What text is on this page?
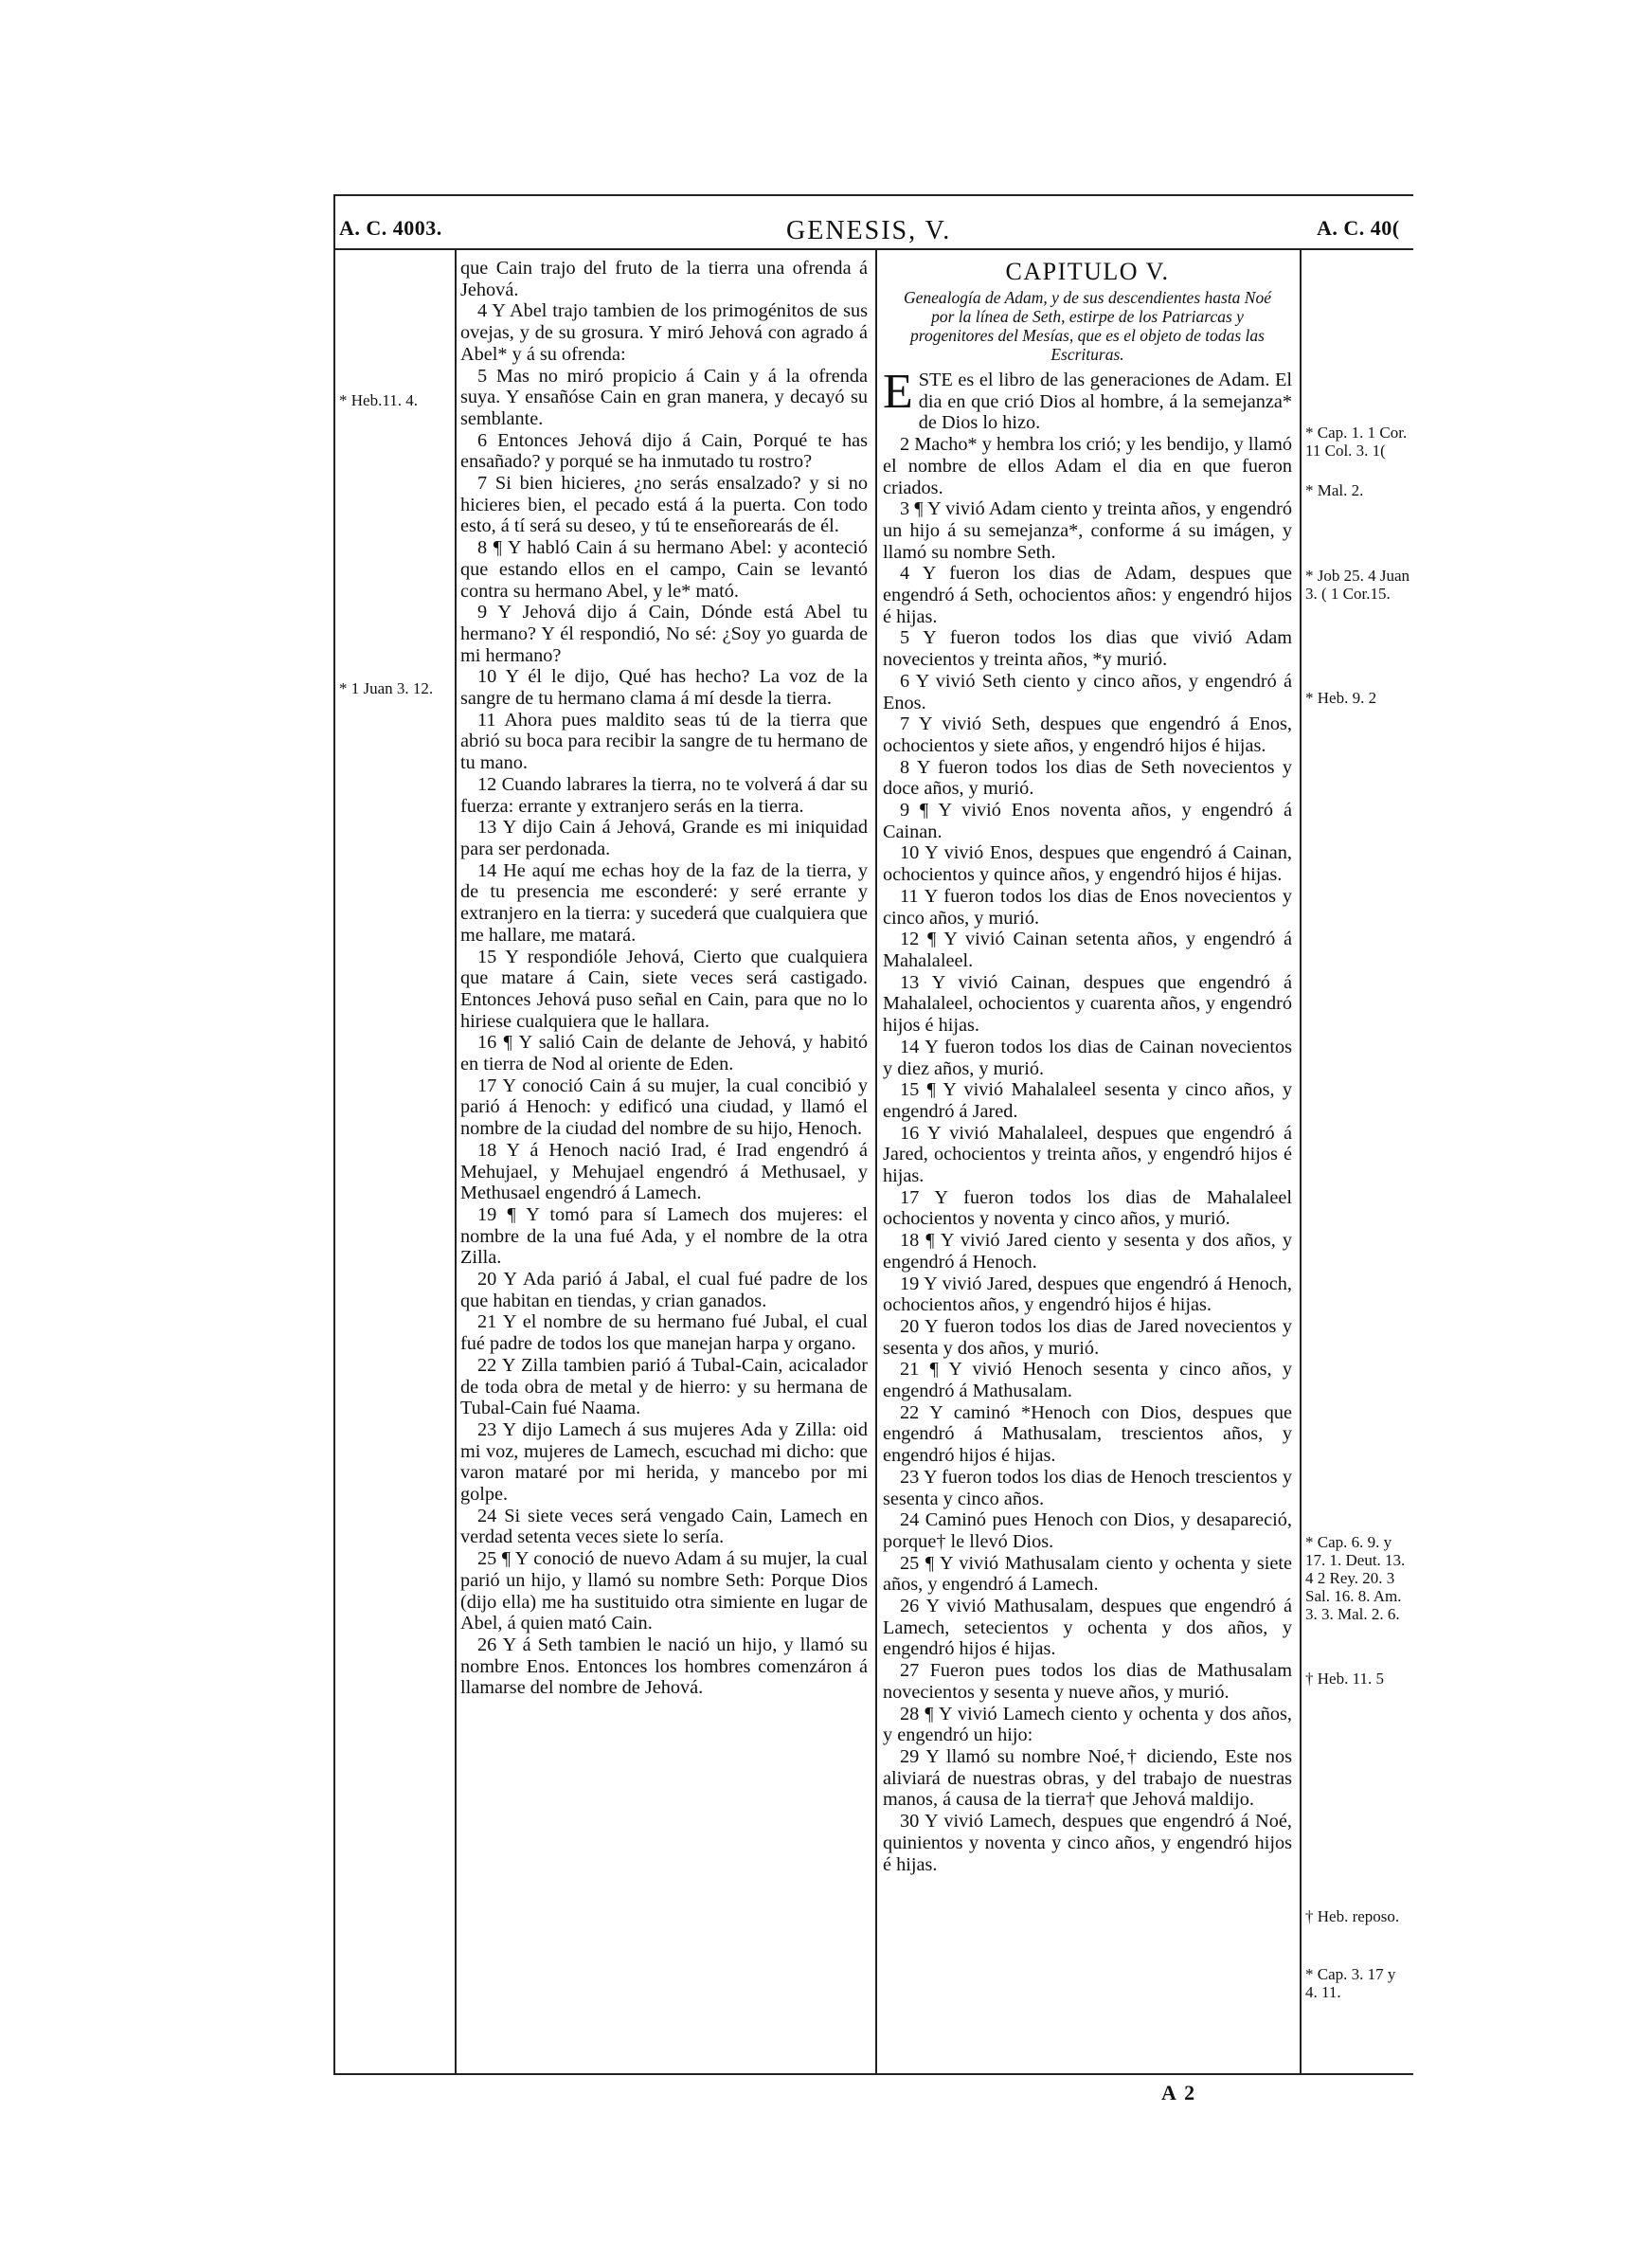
A. C. 4003.	GENESIS, V.	A. C. 40(
* Heb.11. 4.
* 1 Juan 3. 12.

que Cain trajo del fruto de la tierra una ofrenda á Jehová.

4 Y Abel trajo tambien de los primogénitos de sus ovejas, y de su grosura. Y miró Jehová con agrado á Abel* y á su ofrenda:

5 Mas no miró propicio á Cain y á la ofrenda suya. Y ensañóse Cain en gran manera, y decayó su semblante.

6 Entonces Jehová dijo á Cain, Porqué te has ensañado? y porqué se ha inmutado tu rostro?

7 Si bien hicieres, ¿no serás ensalzado? y si no hicieres bien, el pecado está á la puerta. Con todo esto, á tí será su deseo, y tú te enseñorearás de él.

8 ¶ Y habló Cain á su hermano Abel: y aconteció que estando ellos en el campo, Cain se levantó contra su hermano Abel, y le* mató.

9 Y Jehová dijo á Cain, Dónde está Abel tu hermano? Y él respondió, No sé: ¿Soy yo guarda de mi hermano?

10 Y él le dijo, Qué has hecho? La voz de la sangre de tu hermano clama á mí desde la tierra.

11 Ahora pues maldito seas tú de la tierra que abrió su boca para recibir la sangre de tu hermano de tu mano.

12 Cuando labrares la tierra, no te volverá á dar su fuerza: errante y extranjero serás en la tierra.

13 Y dijo Cain á Jehová, Grande es mi iniquidad para ser perdonada.

14 He aquí me echas hoy de la faz de la tierra, y de tu presencia me esconderé: y seré errante y extranjero en la tierra: y sucederá que cualquiera que me hallare, me matará.

15 Y respondióle Jehová, Cierto que cualquiera que matare á Cain, siete veces será castigado. Entonces Jehová puso señal en Cain, para que no lo hiriese cualquiera que le hallara.

16 ¶ Y salió Cain de delante de Jehová, y habitó en tierra de Nod al oriente de Eden.

17 Y conoció Cain á su mujer, la cual concibió y parió á Henoch: y edificó una ciudad, y llamó el nombre de la ciudad del nombre de su hijo, Henoch.

18 Y á Henoch nació Irad, é Irad engendró á Mehujael, y Mehujael engendró á Methusael, y Methusael engendró á Lamech.

19 ¶ Y tomó para sí Lamech dos mujeres: el nombre de la una fué Ada, y el nombre de la otra Zilla.

20 Y Ada parió á Jabal, el cual fué padre de los que habitan en tiendas, y crian ganados.

21 Y el nombre de su hermano fué Jubal, el cual fué padre de todos los que manejan harpa y organo.

22 Y Zilla tambien parió á Tubal-Cain, acicalador de toda obra de metal y de hierro: y su hermana de Tubal-Cain fué Naama.

23 Y dijo Lamech á sus mujeres Ada y Zilla: oid mi voz, mujeres de Lamech, escuchad mi dicho: que varon mataré por mi herida, y mancebo por mi golpe.

24 Si siete veces será vengado Cain, Lamech en verdad setenta veces siete lo sería.

25 ¶ Y conoció de nuevo Adam á su mujer, la cual parió un hijo, y llamó su nombre Seth: Porque Dios (dijo ella) me ha sustituido otra simiente en lugar de Abel, á quien mató Cain.

26 Y á Seth tambien le nació un hijo, y llamó su nombre Enos. Entonces los hombres comenzáron á llamarse del nombre de Jehová.

CAPITULO V.
Genealogía de Adam, y de sus descendientes hasta Noé por la línea de Seth, estirpe de los Patriarcas y progenitores del Mesías, que es el objeto de todas las Escrituras.

ESTE es el libro de las generaciones de Adam. El dia en que crió Dios al hombre, á la semejanza* de Dios lo hizo.

2 Macho* y hembra los crió; y les bendijo, y llamó el nombre de ellos Adam el dia en que fueron criados.

3 ¶ Y vivió Adam ciento y treinta años, y engendró un hijo á su semejanza*, conforme á su imágen, y llamó su nombre Seth.

4 Y fueron los dias de Adam, despues que engendró á Seth, ochocientos años: y engendró hijos é hijas.

5 Y fueron todos los dias que vivió Adam novecientos y treinta años, *y murió.

6 Y vivió Seth ciento y cinco años, y engendró á Enos.

7 Y vivió Seth, despues que engendró á Enos, ochocientos y siete años, y engendró hijos é hijas.

8 Y fueron todos los dias de Seth novecientos y doce años, y murió.

9 ¶ Y vivió Enos noventa años, y engendró á Cainan.

10 Y vivió Enos, despues que engendró á Cainan, ochocientos y quince años, y engendró hijos é hijas.

11 Y fueron todos los dias de Enos novecientos y cinco años, y murió.

12 ¶ Y vivió Cainan setenta años, y engendró á Mahalaleel.

13 Y vivió Cainan, despues que engendró á Mahalaleel, ochocientos y cuarenta años, y engendró hijos é hijas.

14 Y fueron todos los dias de Cainan novecientos y diez años, y murió.

15 ¶ Y vivió Mahalaleel sesenta y cinco años, y engendró á Jared.

16 Y vivió Mahalaleel, despues que engendró á Jared, ochocientos y treinta años, y engendró hijos é hijas.

17 Y fueron todos los dias de Mahalaleel ochocientos y noventa y cinco años, y murió.

18 ¶ Y vivió Jared ciento y sesenta y dos años, y engendró á Henoch.

19 Y vivió Jared, despues que engendró á Henoch, ochocientos años, y engendró hijos é hijas.

20 Y fueron todos los dias de Jared novecientos y sesenta y dos años, y murió.

21 ¶ Y vivió Henoch sesenta y cinco años, y engendró á Mathusalam.

22 Y caminó *Henoch con Dios, despues que engendró á Mathusalam, trescientos años, y engendró hijos é hijas.

23 Y fueron todos los dias de Henoch trescientos y sesenta y cinco años.

24 Caminó pues Henoch con Dios, y desapareció, porque† le llevó Dios.

25 ¶ Y vivió Mathusalam ciento y ochenta y siete años, y engendró á Lamech.

26 Y vivió Mathusalam, despues que engendró á Lamech, setecientos y ochenta y dos años, y engendró hijos é hijas.

27 Fueron pues todos los dias de Mathusalam novecientos y sesenta y nueve años, y murió.

28 ¶ Y vivió Lamech ciento y ochenta y dos años, y engendró un hijo:

29 Y llamó su nombre Noé,† diciendo, Este nos aliviará de nuestras obras, y del trabajo de nuestras manos, á causa de la tierra† que Jehová maldijo.

30 Y vivió Lamech, despues que engendró á Noé, quinientos y noventa y cinco años, y engendró hijos é hijas.

* Cap. 1. 1 Cor. 11 Col. 3. 1(
* Mal. 2.
* Job 25. 4 Juan 3. ( 1 Cor.15.
* Heb. 9. 2
* Cap. 6. 9. y 17. 1. Deut. 13. 4 2 Rey. 20. 3 Sal. 16. 8. Am. 3. 3. Mal. 2. 6.
† Heb. 11. 5
† Heb. reposo.
* Cap. 3. 17 y 4. 11.
A 2
